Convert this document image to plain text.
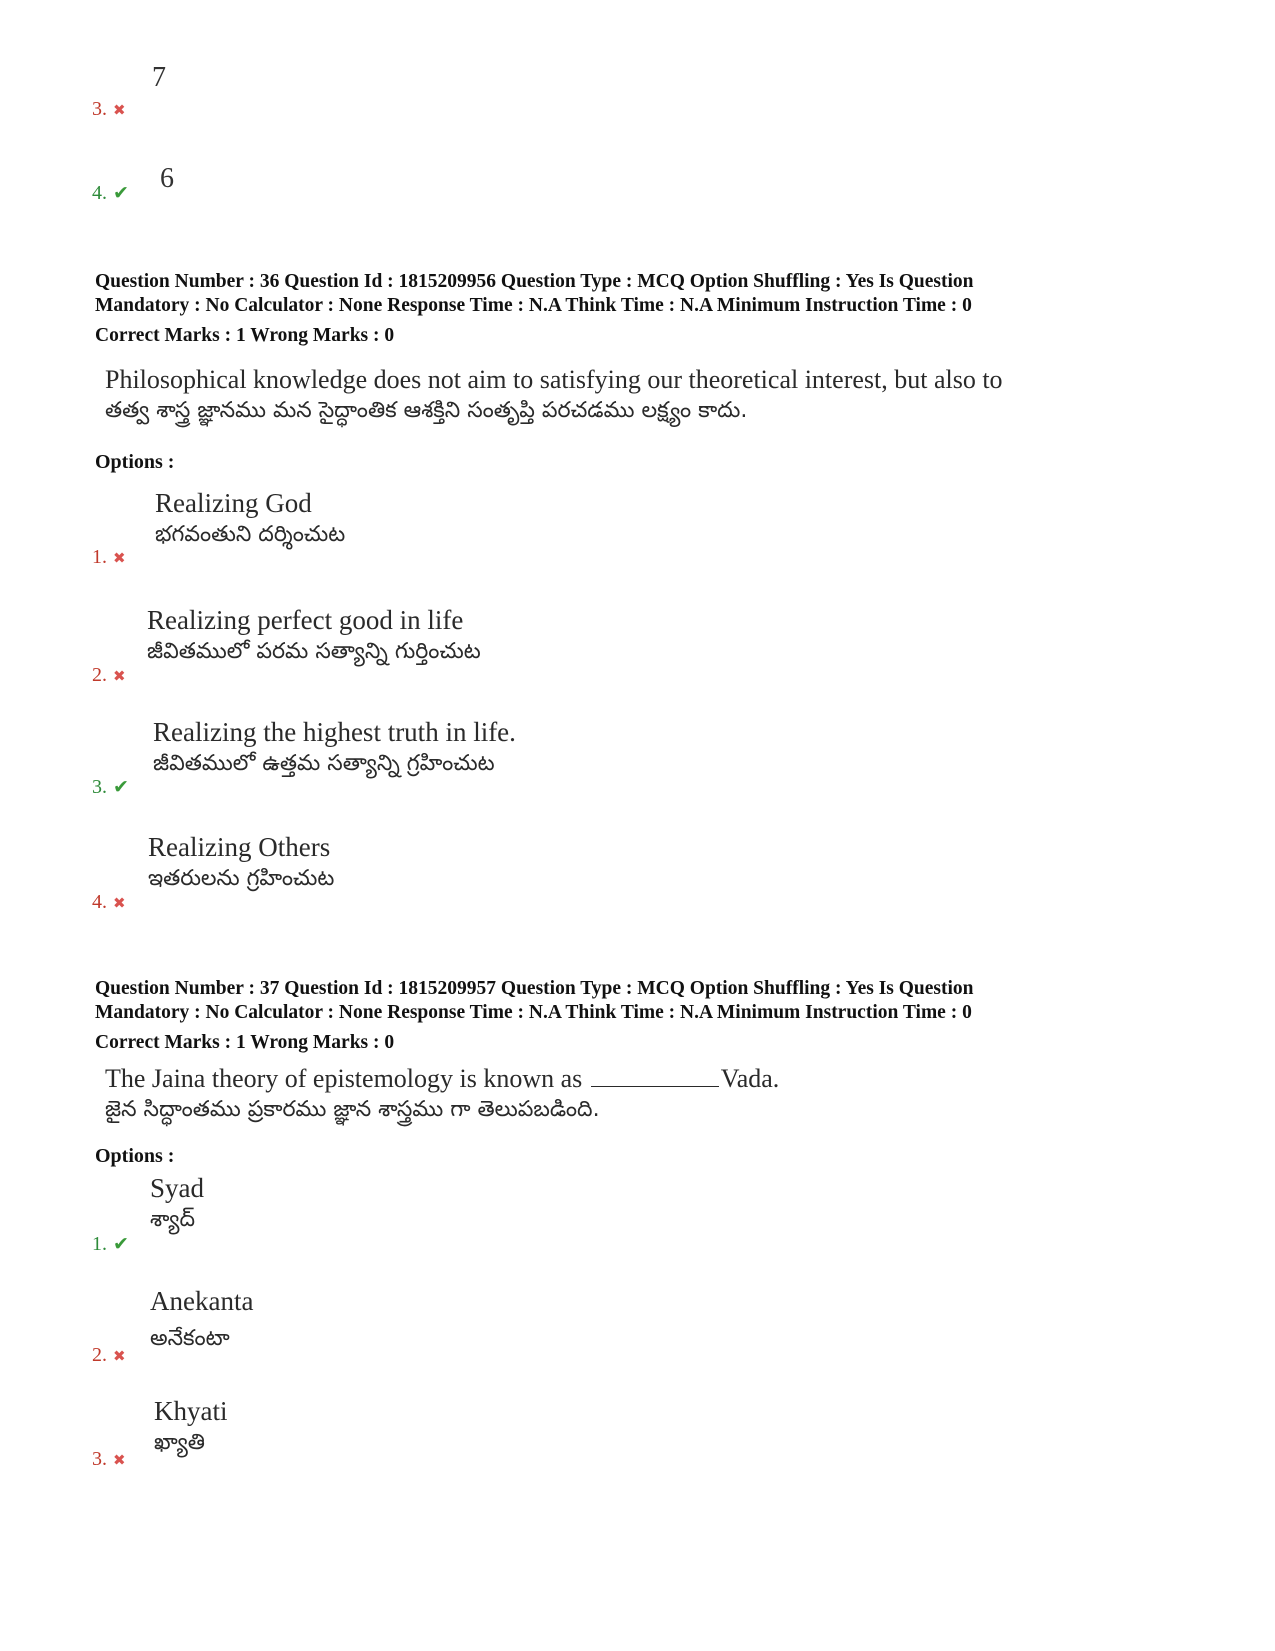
7
3. ✖
6
4. ✔
Question Number : 36 Question Id : 1815209956 Question Type : MCQ Option Shuffling : Yes Is Question
Mandatory : No Calculator : None Response Time : N.A Think Time : N.A Minimum Instruction Time : 0
Correct Marks : 1 Wrong Marks : 0
Philosophical knowledge does not aim to satisfying our theoretical interest, but also to
తత్వ శాస్త్ర జ్ఞానము మన సైద్ధాంతిక ఆశక్తిని సంతృప్తి పరచడము లక్ష్యం కాదు.
Options :
Realizing God
భగవంతుని దర్శించుట
1. ✖
Realizing perfect good in life
జీవితములో పరమ సత్యాన్ని గుర్తించుట
2. ✖
Realizing the highest truth in life.
జీవితములో ఉత్తమ సత్యాన్ని గ్రహించుట
3. ✔
Realizing Others
ఇతరులను గ్రహించుట
4. ✖
Question Number : 37 Question Id : 1815209957 Question Type : MCQ Option Shuffling : Yes Is Question
Mandatory : No Calculator : None Response Time : N.A Think Time : N.A Minimum Instruction Time : 0
Correct Marks : 1 Wrong Marks : 0
The Jaina theory of epistemology is known as	Vada.
జైన సిద్ధాంతము ప్రకారము జ్ఞాన శాస్త్రము గా తెలుపబడింది.
Options :
Syad
శ్యాద్
1. ✔
Anekanta
అనేకంటా
2. ✖
Khyati
ఖ్యాతి
3. ✖
